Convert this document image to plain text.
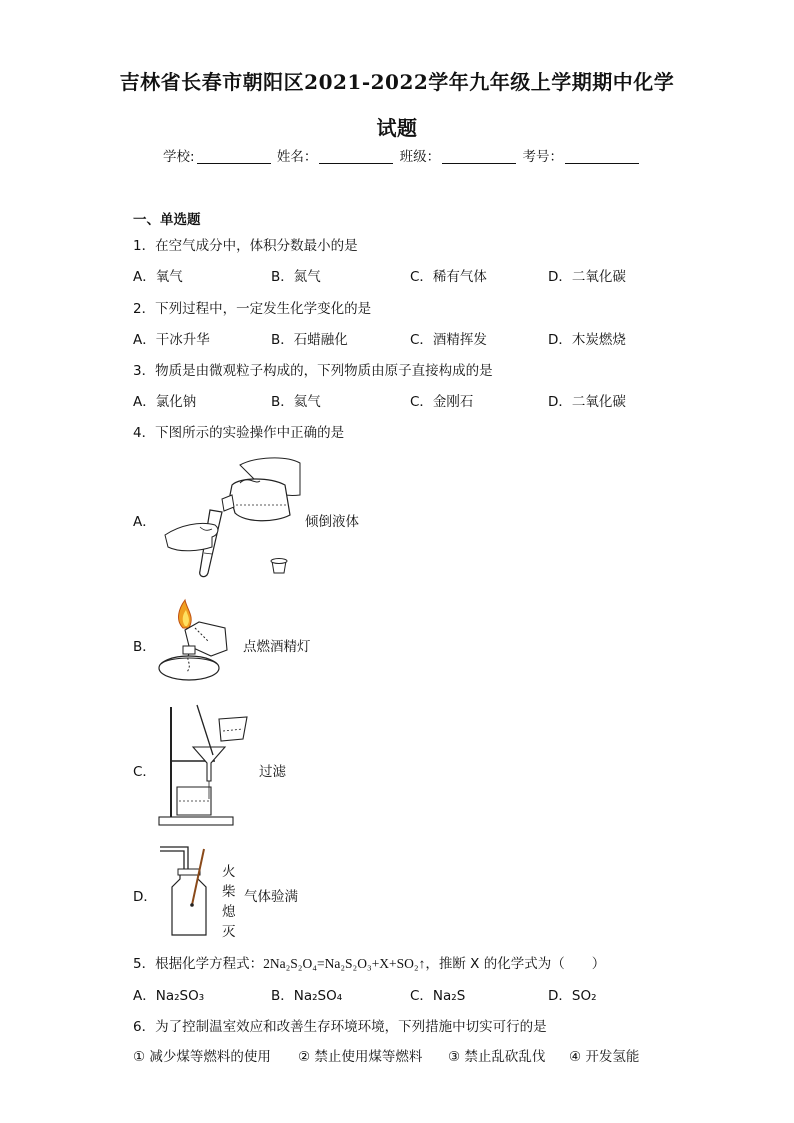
吉林省长春市朝阳区2021-2022学年九年级上学期期中化学
试题
学校:	姓名：	班级：	考号：
一、单选题
1．在空气成分中，体积分数最小的是
A．氧气	B．氮气	C．稀有气体	D．二氧化碳
2．下列过程中，一定发生化学变化的是
A．干冰升华	B．石蜡融化	C．酒精挥发	D．木炭燃烧
3．物质是由微观粒子构成的，下列物质由原子直接构成的是
A．氯化钠	B．氦气	C．金刚石	D．二氧化碳
4．下图所示的实验操作中正确的是
A．	倾倒液体
B．	点燃酒精灯
C．	过滤
D．
火
柴
熄
灭
气体验满
5．根据化学方程式：2Na₂S₂O₄=Na₂S₂O₃+X+SO₂↑，推断 X 的化学式为（　　）
A．Na₂SO₃	B．Na₂SO₄	C．Na₂S	D．SO₂
6．为了控制温室效应和改善生存环境环境，下列措施中切实可行的是
① 减少煤等燃料的使用 ② 禁止使用煤等燃料 ③ 禁止乱砍乱伐 ④ 开发氢能
